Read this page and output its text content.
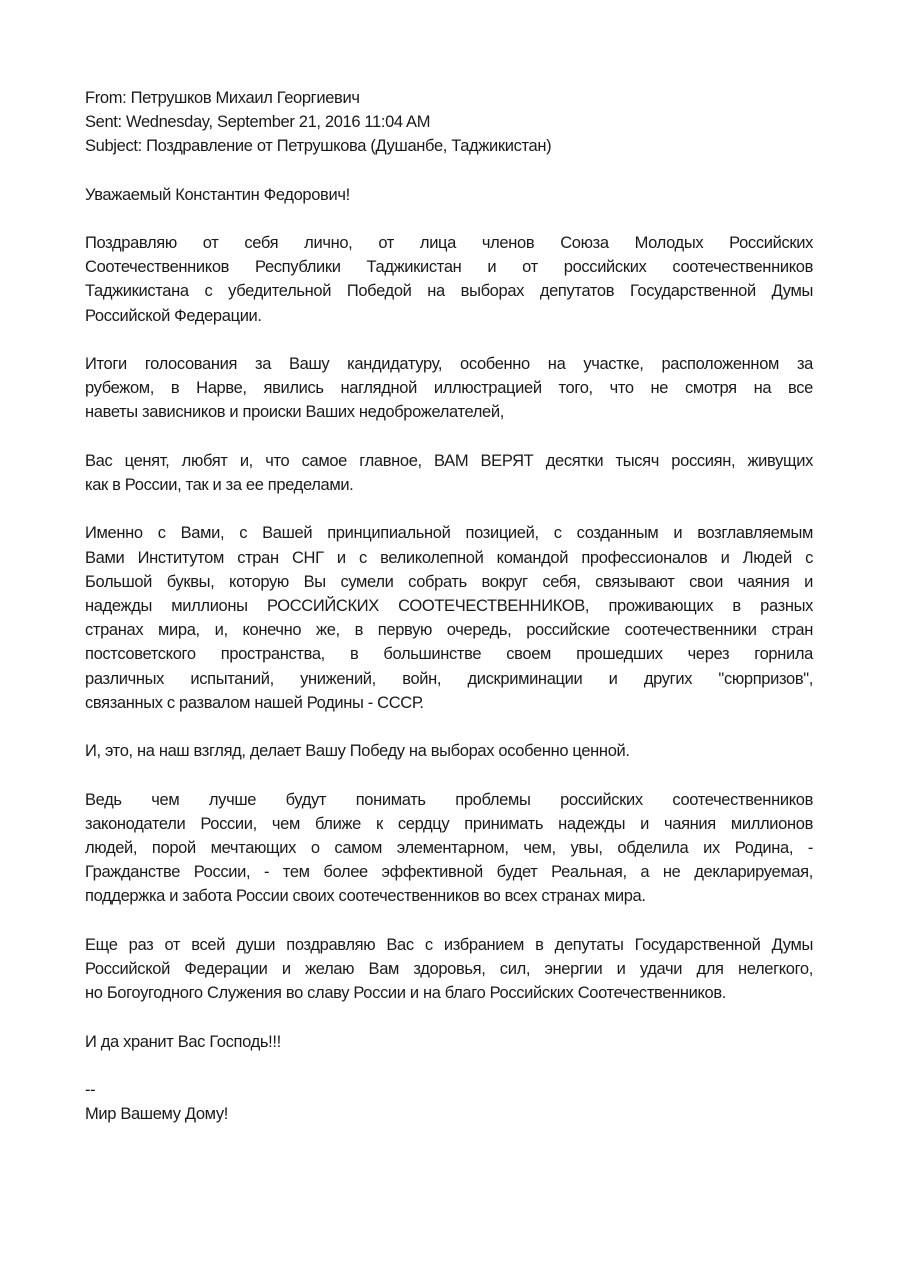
From: Петрушков Михаил Георгиевич
Sent: Wednesday, September 21, 2016 11:04 AM
Subject: Поздравление от Петрушкова (Душанбе, Таджикистан)

Уважаемый Константин Федорович!

Поздравляю от себя лично, от лица членов Союза Молодых Российских
Соотечественников Республики Таджикистан и от российских соотечественников
Таджикистана с убедительной Победой на выборах депутатов Государственной Думы
Российской Федерации.

Итоги голосования за Вашу кандидатуру, особенно на участке, расположенном за
рубежом, в Нарве, явились наглядной иллюстрацией того, что не смотря на все
наветы зависников и происки Ваших недоброжелателей,

Вас ценят, любят и, что самое главное, ВАМ ВЕРЯТ десятки тысяч россиян, живущих
как в России, так и за ее пределами.

Именно с Вами, с Вашей принципиальной позицией, с созданным и возглавляемым
Вами Институтом стран СНГ и с великолепной командой профессионалов и Людей с
Большой буквы, которую Вы сумели собрать вокруг себя, связывают свои чаяния и
надежды миллионы РОССИЙСКИХ СООТЕЧЕСТВЕННИКОВ, проживающих в разных
странах мира, и, конечно же, в первую очередь, российские соотечественники стран
постсоветского пространства, в большинстве своем прошедших через горнила
различных испытаний, унижений, войн, дискриминации и других "сюрпризов",
связанных с развалом нашей Родины - СССР.

И, это, на наш взгляд, делает Вашу Победу на выборах особенно ценной.

Ведь чем лучше будут понимать проблемы российских соотечественников
законодатели России, чем ближе к сердцу принимать надежды и чаяния миллионов
людей, порой мечтающих о самом элементарном, чем, увы, обделила их Родина, -
Гражданстве России, - тем более эффективной будет Реальная, а не декларируемая,
поддержка и забота России своих соотечественников во всех странах мира.

Еще раз от всей души поздравляю Вас с избранием в депутаты Государственной Думы
Российской Федерации и желаю Вам здоровья, сил, энергии и удачи для нелегкого,
но Богоугодного Служения во славу России и на благо Российских Соотечественников.

И да хранит Вас Господь!!!

--
Мир Вашему Дому!
